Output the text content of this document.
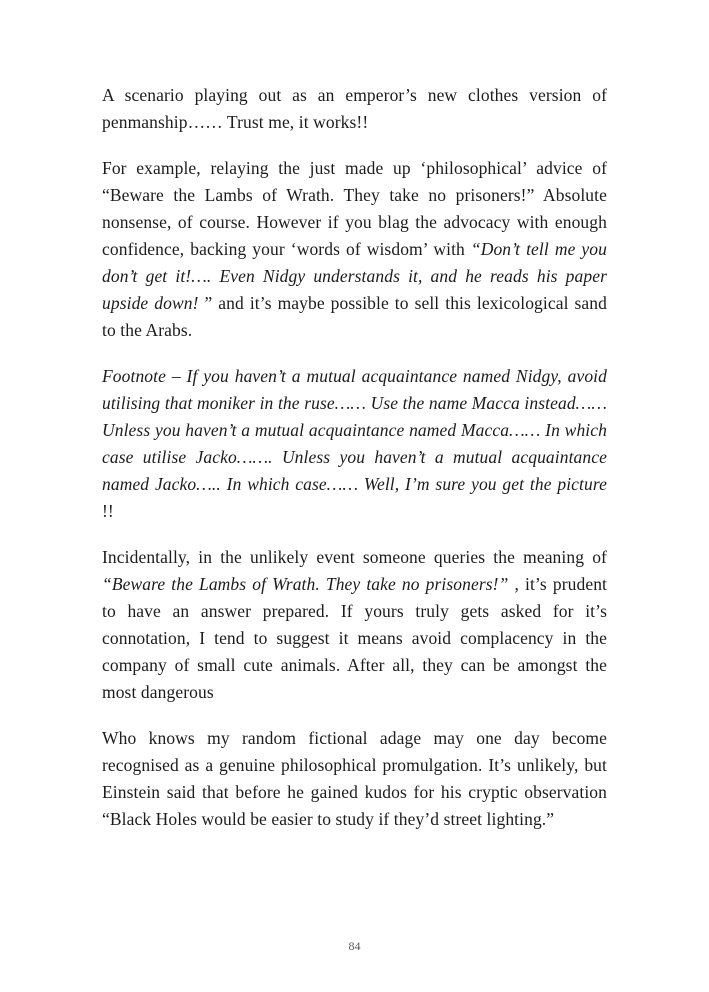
A scenario playing out as an emperor’s new clothes version of penmanship…… Trust me, it works!!

For example, relaying the just made up ‘philosophical’ advice of “Beware the Lambs of Wrath. They take no prisoners!” Absolute nonsense, of course. However if you blag the advocacy with enough confidence, backing your ‘words of wisdom’ with “Don’t tell me you don’t get it!…. Even Nidgy understands it, and he reads his paper upside down! ” and it’s maybe possible to sell this lexicological sand to the Arabs.

Footnote – If you haven’t a mutual acquaintance named Nidgy, avoid utilising that moniker in the ruse…… Use the name Macca instead…… Unless you haven’t a mutual acquaintance named Macca…… In which case utilise Jacko……. Unless you haven’t a mutual acquaintance named Jacko….. In which case…… Well, I’m sure you get the picture !!

Incidentally, in the unlikely event someone queries the meaning of “Beware the Lambs of Wrath. They take no prisoners!” , it’s prudent to have an answer prepared. If yours truly gets asked for it’s connotation, I tend to suggest it means avoid complacency in the company of small cute animals. After all, they can be amongst the most dangerous

Who knows my random fictional adage may one day become recognised as a genuine philosophical promulgation. It’s unlikely, but Einstein said that before he gained kudos for his cryptic observation “Black Holes would be easier to study if they’d street lighting.”

84
